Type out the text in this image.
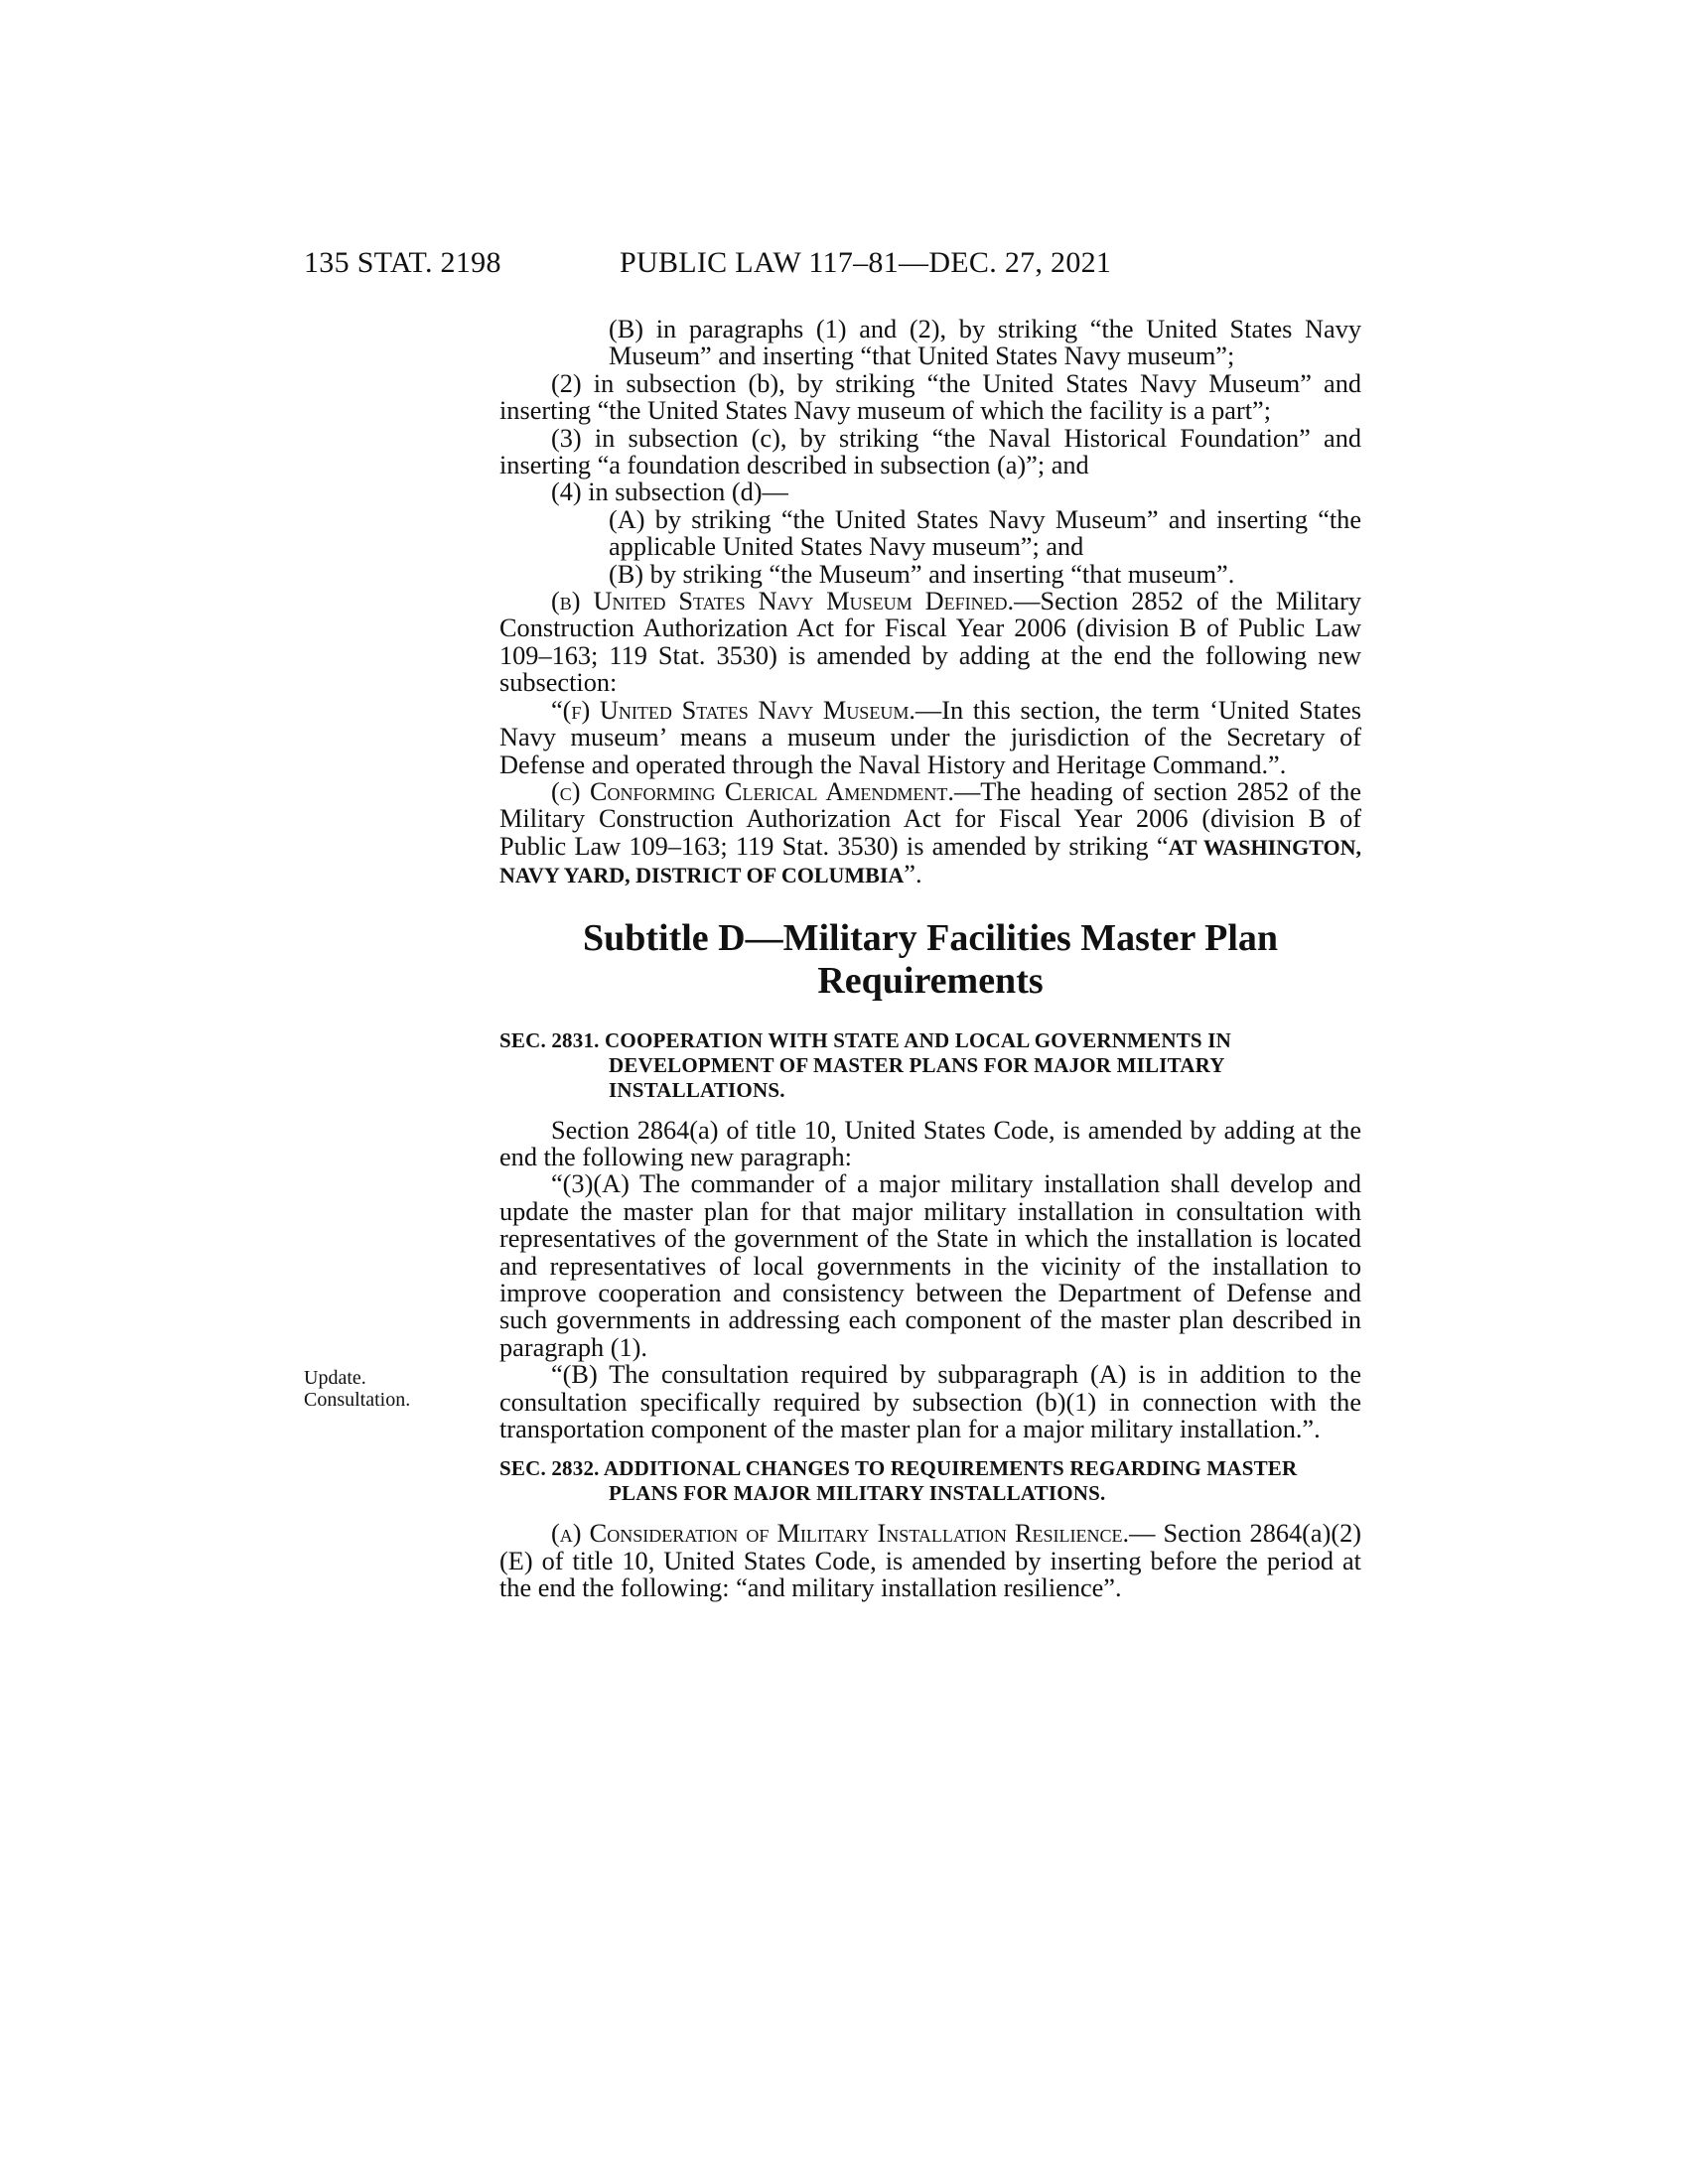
135 STAT. 2198	PUBLIC LAW 117–81—DEC. 27, 2021
Update.
Consultation.

(B) in paragraphs (1) and (2), by striking “the United States Navy Museum” and inserting “that United States Navy museum”;

(2) in subsection (b), by striking “the United States Navy Museum” and inserting “the United States Navy museum of which the facility is a part”;

(3) in subsection (c), by striking “the Naval Historical Foundation” and inserting “a foundation described in subsection (a)”; and

(4) in subsection (d)—

(A) by striking “the United States Navy Museum” and inserting “the applicable United States Navy museum”; and

(B) by striking “the Museum” and inserting “that museum”.

(b) United States Navy Museum Defined.—Section 2852 of the Military Construction Authorization Act for Fiscal Year 2006 (division B of Public Law 109–163; 119 Stat. 3530) is amended by adding at the end the following new subsection:

“(f) United States Navy Museum.—In this section, the term ‘United States Navy museum’ means a museum under the jurisdiction of the Secretary of Defense and operated through the Naval History and Heritage Command.”.

(c) Conforming Clerical Amendment.—The heading of section 2852 of the Military Construction Authorization Act for Fiscal Year 2006 (division B of Public Law 109–163; 119 Stat. 3530) is amended by striking “AT WASHINGTON, NAVY YARD, DISTRICT OF COLUMBIA”.

Subtitle D—Military Facilities Master Plan
Requirements
SEC. 2831. COOPERATION WITH STATE AND LOCAL GOVERNMENTS IN DEVELOPMENT OF MASTER PLANS FOR MAJOR MILITARY INSTALLATIONS.

Section 2864(a) of title 10, United States Code, is amended by adding at the end the following new paragraph:

“(3)(A) The commander of a major military installation shall develop and update the master plan for that major military installation in consultation with representatives of the government of the State in which the installation is located and representatives of local governments in the vicinity of the installation to improve cooperation and consistency between the Department of Defense and such governments in addressing each component of the master plan described in paragraph (1).

“(B) The consultation required by subparagraph (A) is in addition to the consultation specifically required by subsection (b)(1) in connection with the transportation component of the master plan for a major military installation.”.

SEC. 2832. ADDITIONAL CHANGES TO REQUIREMENTS REGARDING MASTER PLANS FOR MAJOR MILITARY INSTALLATIONS.

(a) Consideration of Military Installation Resilience.— Section 2864(a)(2)(E) of title 10, United States Code, is amended by inserting before the period at the end the following: “and military installation resilience”.
